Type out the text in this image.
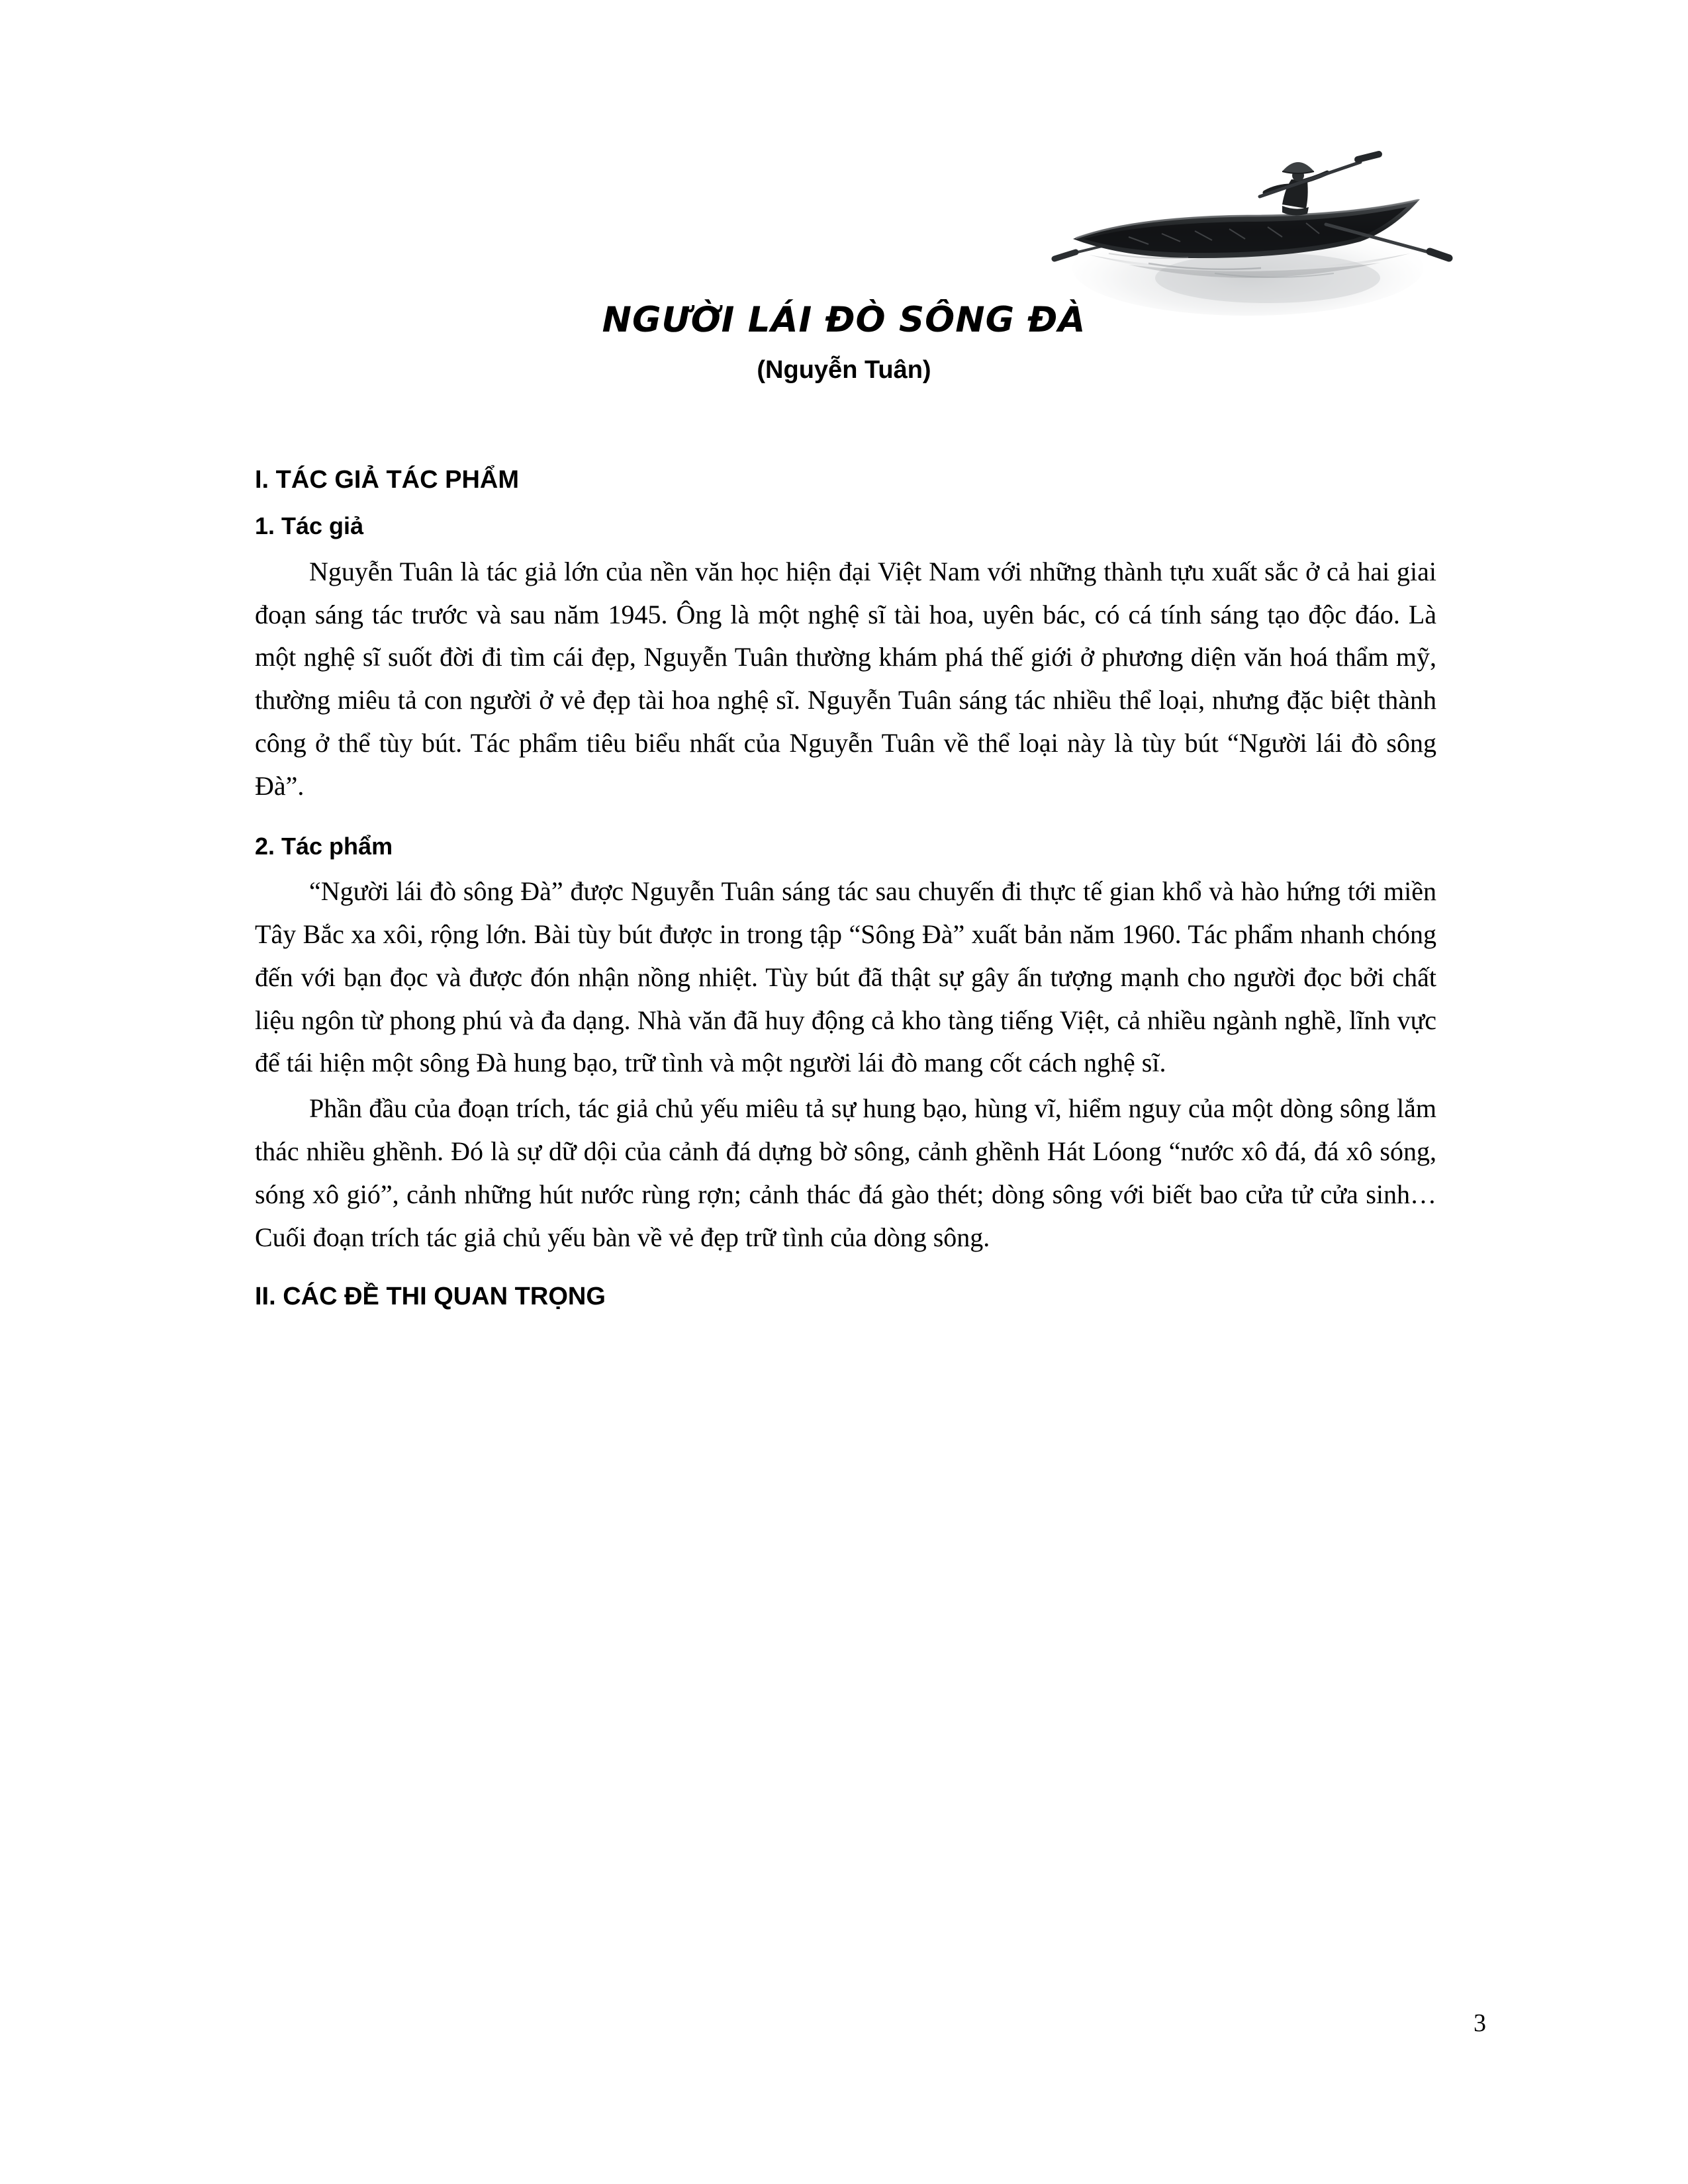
NGƯỜI LÁI ĐÒ SÔNG ĐÀ

(Nguyễn Tuân)

I. TÁC GIẢ TÁC PHẨM
1. Tác giả

Nguyễn Tuân là tác giả lớn của nền văn học hiện đại Việt Nam với những thành tựu xuất sắc ở cả hai giai đoạn sáng tác trước và sau năm 1945. Ông là một nghệ sĩ tài hoa, uyên bác, có cá tính sáng tạo độc đáo. Là một nghệ sĩ suốt đời đi tìm cái đẹp, Nguyễn Tuân thường khám phá thế giới ở phương diện văn hoá thẩm mỹ, thường miêu tả con người ở vẻ đẹp tài hoa nghệ sĩ. Nguyễn Tuân sáng tác nhiều thể loại, nhưng đặc biệt thành công ở thể tùy bút. Tác phẩm tiêu biểu nhất của Nguyễn Tuân về thể loại này là tùy bút “Người lái đò sông Đà”.

2. Tác phẩm

“Người lái đò sông Đà” được Nguyễn Tuân sáng tác sau chuyến đi thực tế gian khổ và hào hứng tới miền Tây Bắc xa xôi, rộng lớn. Bài tùy bút được in trong tập “Sông Đà” xuất bản năm 1960. Tác phẩm nhanh chóng đến với bạn đọc và được đón nhận nồng nhiệt. Tùy bút đã thật sự gây ấn tượng mạnh cho người đọc bởi chất liệu ngôn từ phong phú và đa dạng. Nhà văn đã huy động cả kho tàng tiếng Việt, cả nhiều ngành nghề, lĩnh vực để tái hiện một sông Đà hung bạo, trữ tình và một người lái đò mang cốt cách nghệ sĩ.

Phần đầu của đoạn trích, tác giả chủ yếu miêu tả sự hung bạo, hùng vĩ, hiểm nguy của một dòng sông lắm thác nhiều ghềnh. Đó là sự dữ dội của cảnh đá dựng bờ sông, cảnh ghềnh Hát Lóong “nước xô đá, đá xô sóng, sóng xô gió”, cảnh những hút nước rùng rợn; cảnh thác đá gào thét; dòng sông với biết bao cửa tử cửa sinh… Cuối đoạn trích tác giả chủ yếu bàn về vẻ đẹp trữ tình của dòng sông.

II. CÁC ĐỀ THI QUAN TRỌNG
3
